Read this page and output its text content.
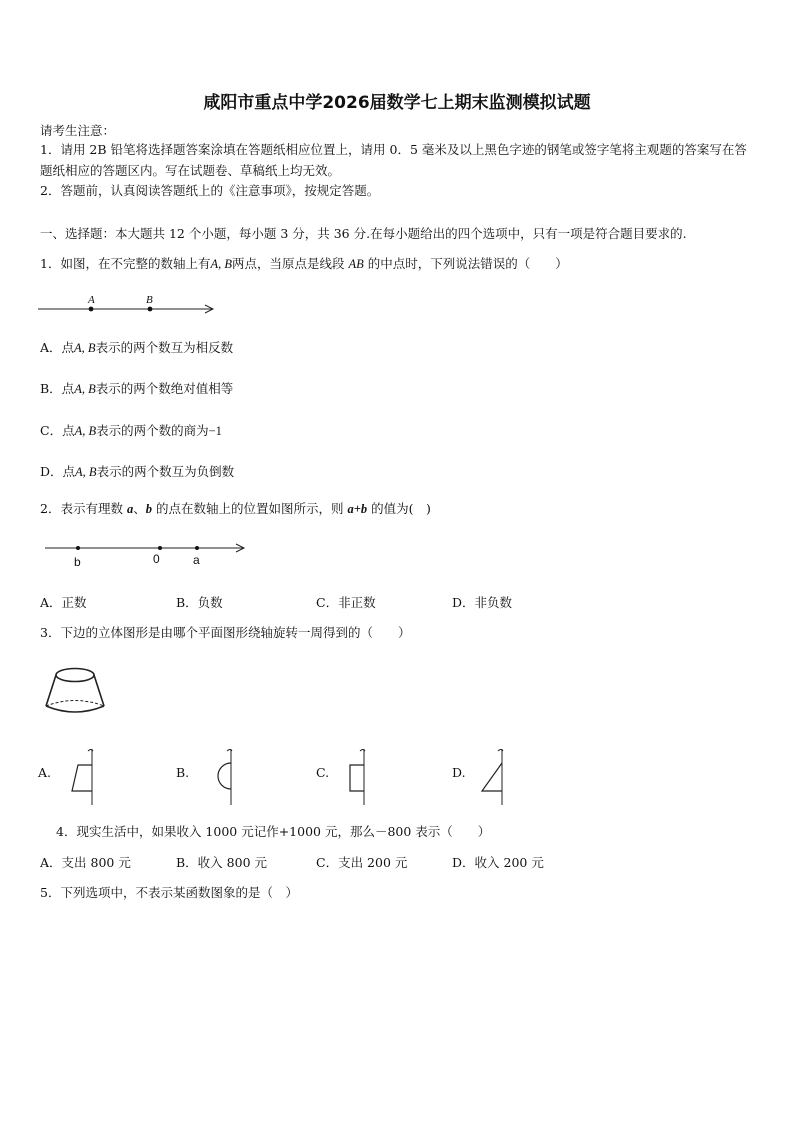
咸阳市重点中学2026届数学七上期末监测模拟试题
请考生注意：
1．请用 2B 铅笔将选择题答案涂填在答题纸相应位置上，请用 0．5 毫米及以上黑色字迹的钢笔或签字笔将主观题的答案写在答题纸相应的答题区内。写在试题卷、草稿纸上均无效。
2．答题前，认真阅读答题纸上的《注意事项》，按规定答题。
一、选择题：本大题共 12 个小题，每小题 3 分，共 36 分.在每小题给出的四个选项中，只有一项是符合题目要求的.
1．如图，在不完整的数轴上有A, B两点，当原点是线段 AB 的中点时，下列说法错误的（　　）
A	B
A．点A, B表示的两个数互为相反数
B．点A, B表示的两个数绝对值相等
C．点A, B表示的两个数的商为−1
D．点A, B表示的两个数互为负倒数
2．表示有理数 a、b 的点在数轴上的位置如图所示，则 a+b 的值为(　)
b	0	a
A．正数	B．负数	C．非正数	D．非负数
3．下边的立体图形是由哪个平面图形绕轴旋转一周得到的（　　）
A.	B.	C.	D.
4．现实生活中，如果收入 1000 元记作+1000 元，那么－800 表示（　　）
A．支出 800 元	B．收入 800 元	C．支出 200 元	D．收入 200 元
5．下列选项中，不表示某函数图象的是（　）
